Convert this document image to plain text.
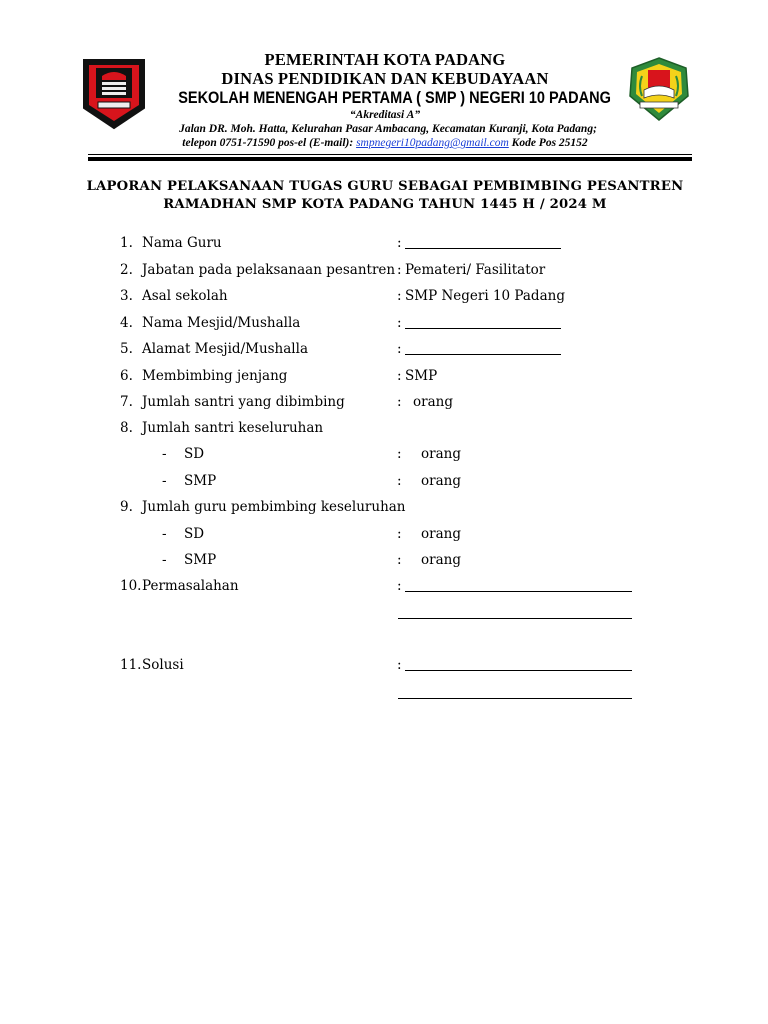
PEMERINTAH KOTA PADANG
DINAS PENDIDIKAN DAN KEBUDAYAAN
SEKOLAH MENENGAH PERTAMA ( SMP ) NEGERI 10 PADANG
“Akreditasi A”
Jalan DR. Moh. Hatta, Kelurahan Pasar Ambacang, Kecamatan Kuranji, Kota Padang;
telepon 0751-71590 pos-el (E-mail): smpnegeri10padang@gmail.com Kode Pos 25152
LAPORAN PELAKSANAAN TUGAS GURU SEBAGAI PEMBIMBING PESANTREN
RAMADHAN SMP KOTA PADANG TAHUN 1445 H / 2024 M
1. Nama Guru	:
2. Jabatan pada pelaksanaan pesantren : Pemateri/ Fasilitator
3. Asal sekolah	: SMP Negeri 10 Padang
4. Nama Mesjid/Mushalla	:
5. Alamat Mesjid/Mushalla	:
6. Membimbing jenjang	: SMP
7. Jumlah santri yang dibimbing	: orang
8. Jumlah santri keseluruhan
- SD	: orang
- SMP	: orang
9. Jumlah guru pembimbing keseluruhan
- SD	: orang
- SMP	: orang
10. Permasalahan	:
11. Solusi	:
